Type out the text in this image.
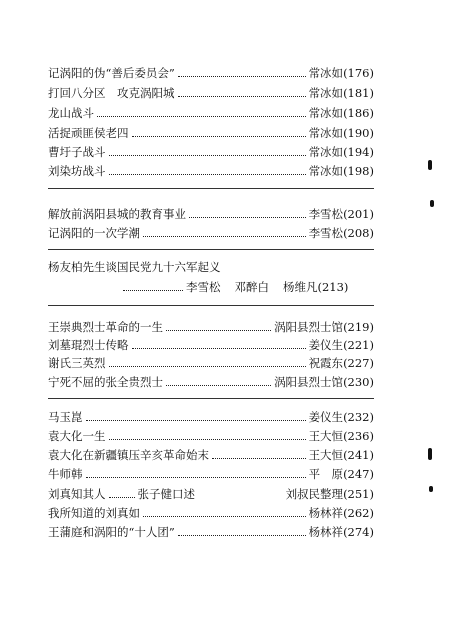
记涡阳的伪“善后委员会”	常冰如 (176)
打回八分区　攻克涡阳城	常冰如 (181)
龙山战斗	常冰如 (186)
活捉顽匪侯老四	常冰如 (190)
曹圩子战斗	常冰如 (194)
刘染坊战斗	常冰如 (198)
解放前涡阳县城的教育事业	李雪松 (201)
记涡阳的一次学潮	李雪松 (208)
杨友柏先生谈国民党九十六军起义
李雪松 邓醉白 杨维凡 (213)
王崇典烈士革命的一生	涡阳县烈士馆 (219)
刘墓琨烈士传略	姜仪生 (221)
谢氏三英烈	祝霞东 (227)
宁死不屈的张全贵烈士	涡阳县烈士馆 (230)
马玉崑	姜仪生 (232)
袁大化一生	王大恒 (236)
袁大化在新疆镇压辛亥革命始末	王大恒 (241)
牛师韩	平　原 (247)
刘真知其人	张子健口述	刘叔民整理 (251)
我所知道的刘真如	杨林祥 (262)
王蒲庭和涡阳的“十人团”	杨林祥 (274)
